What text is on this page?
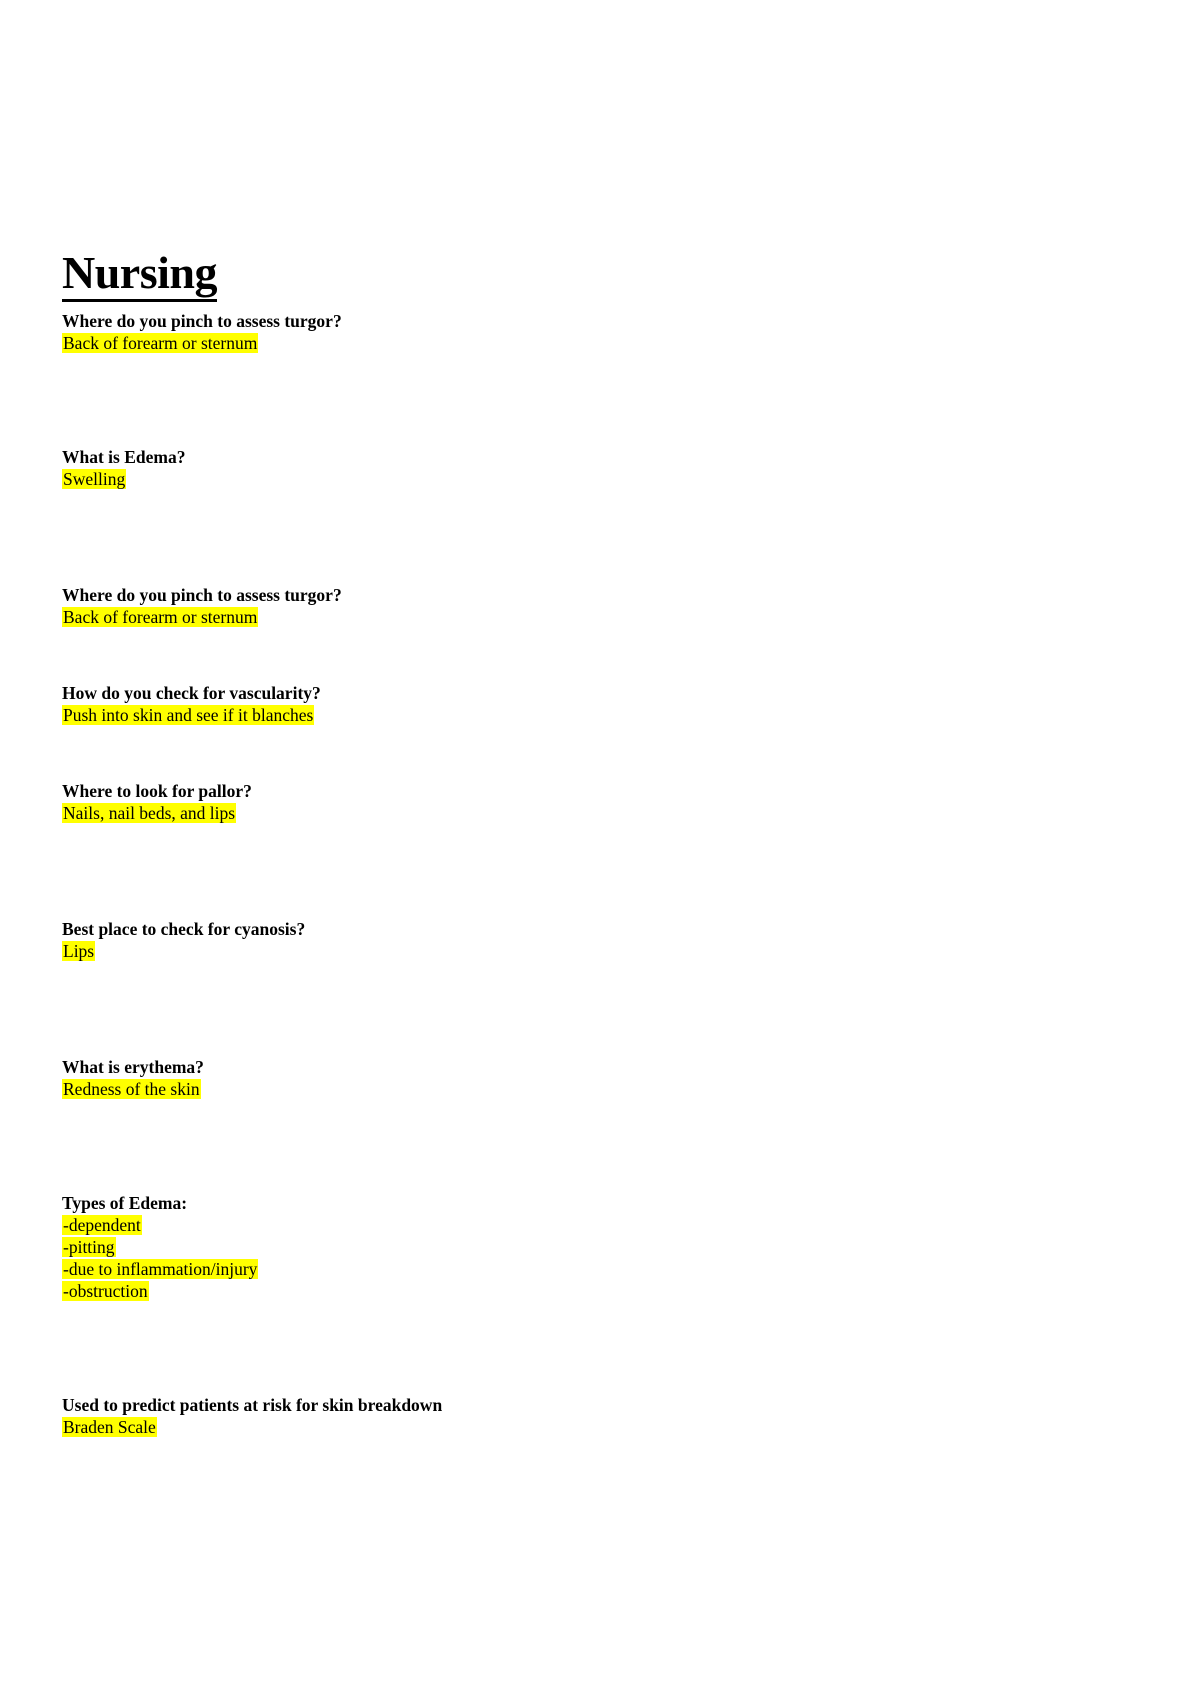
Nursing
Where do you pinch to assess turgor?
Back of forearm or sternum
What is Edema?
Swelling
Where do you pinch to assess turgor?
Back of forearm or sternum
How do you check for vascularity?
Push into skin and see if it blanches
Where to look for pallor?
Nails, nail beds, and lips
Best place to check for cyanosis?
Lips
What is erythema?
Redness of the skin
Types of Edema:
-dependent
-pitting
-due to inflammation/injury
-obstruction
Used to predict patients at risk for skin breakdown
Braden Scale
